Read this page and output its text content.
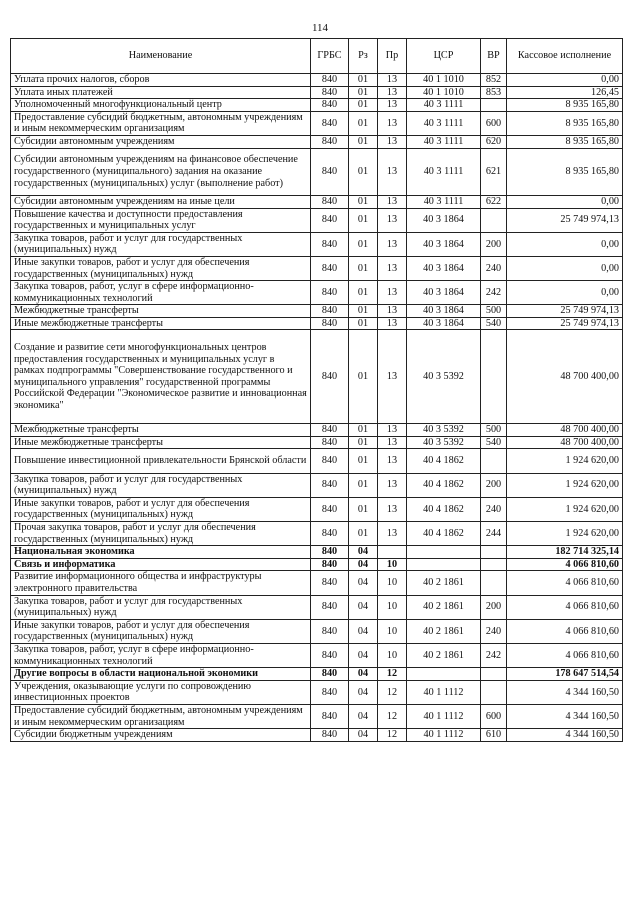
114
Наименование	ГРБС	Рз	Пр	ЦСР	ВР	Кассовое исполнение
Уплата прочих налогов, сборов	840	01	13	40 1 1010	852	0,00
Уплата иных платежей	840	01	13	40 1 1010	853	126,45
Уполномоченный многофункциональный центр	840	01	13	40 3 1111		8 935 165,80
Предоставление субсидий бюджетным, автономным учреждениям и иным некоммерческим организациям	840	01	13	40 3 1111	600	8 935 165,80
Субсидии автономным учреждениям	840	01	13	40 3 1111	620	8 935 165,80
Субсидии автономным учреждениям на финансовое обеспечение государственного (муниципального) задания на оказание государственных (муниципальных) услуг (выполнение работ)	840	01	13	40 3 1111	621	8 935 165,80
Субсидии автономным учреждениям на иные цели	840	01	13	40 3 1111	622	0,00
Повышение качества и доступности предоставления государственных и муниципальных услуг	840	01	13	40 3 1864		25 749 974,13
Закупка товаров, работ и услуг для государственных (муниципальных) нужд	840	01	13	40 3 1864	200	0,00
Иные закупки товаров, работ и услуг для обеспечения государственных (муниципальных) нужд	840	01	13	40 3 1864	240	0,00
Закупка товаров, работ, услуг в сфере информационно-коммуникационных технологий	840	01	13	40 3 1864	242	0,00
Межбюджетные трансферты	840	01	13	40 3 1864	500	25 749 974,13
Иные межбюджетные трансферты	840	01	13	40 3 1864	540	25 749 974,13
Создание и развитие сети многофункциональных центров предоставления государственных и муниципальных услуг в рамках подпрограммы "Совершенствование государственного и муниципального управления" государственной программы Российской Федерации "Экономическое развитие и инновационная экономика"	840	01	13	40 3 5392		48 700 400,00
Межбюджетные трансферты	840	01	13	40 3 5392	500	48 700 400,00
Иные межбюджетные трансферты	840	01	13	40 3 5392	540	48 700 400,00
Повышение инвестиционной привлекательности Брянской области	840	01	13	40 4 1862		1 924 620,00
Закупка товаров, работ и услуг для государственных (муниципальных) нужд	840	01	13	40 4 1862	200	1 924 620,00
Иные закупки товаров, работ и услуг для обеспечения государственных (муниципальных) нужд	840	01	13	40 4 1862	240	1 924 620,00
Прочая закупка товаров, работ и услуг для обеспечения государственных (муниципальных) нужд	840	01	13	40 4 1862	244	1 924 620,00
Национальная экономика	840	04				182 714 325,14
Связь и информатика	840	04	10			4 066 810,60
Развитие информационного общества и инфраструктуры электронного правительства	840	04	10	40 2 1861		4 066 810,60
Закупка товаров, работ и услуг для государственных (муниципальных) нужд	840	04	10	40 2 1861	200	4 066 810,60
Иные закупки товаров, работ и услуг для обеспечения государственных (муниципальных) нужд	840	04	10	40 2 1861	240	4 066 810,60
Закупка товаров, работ, услуг в сфере информационно-коммуникационных технологий	840	04	10	40 2 1861	242	4 066 810,60
Другие вопросы в области национальной экономики	840	04	12			178 647 514,54
Учреждения, оказывающие услуги по сопровождению инвестиционных проектов	840	04	12	40 1 1112		4 344 160,50
Предоставление субсидий бюджетным, автономным учреждениям и иным некоммерческим организациям	840	04	12	40 1 1112	600	4 344 160,50
Субсидии бюджетным учреждениям	840	04	12	40 1 1112	610	4 344 160,50
